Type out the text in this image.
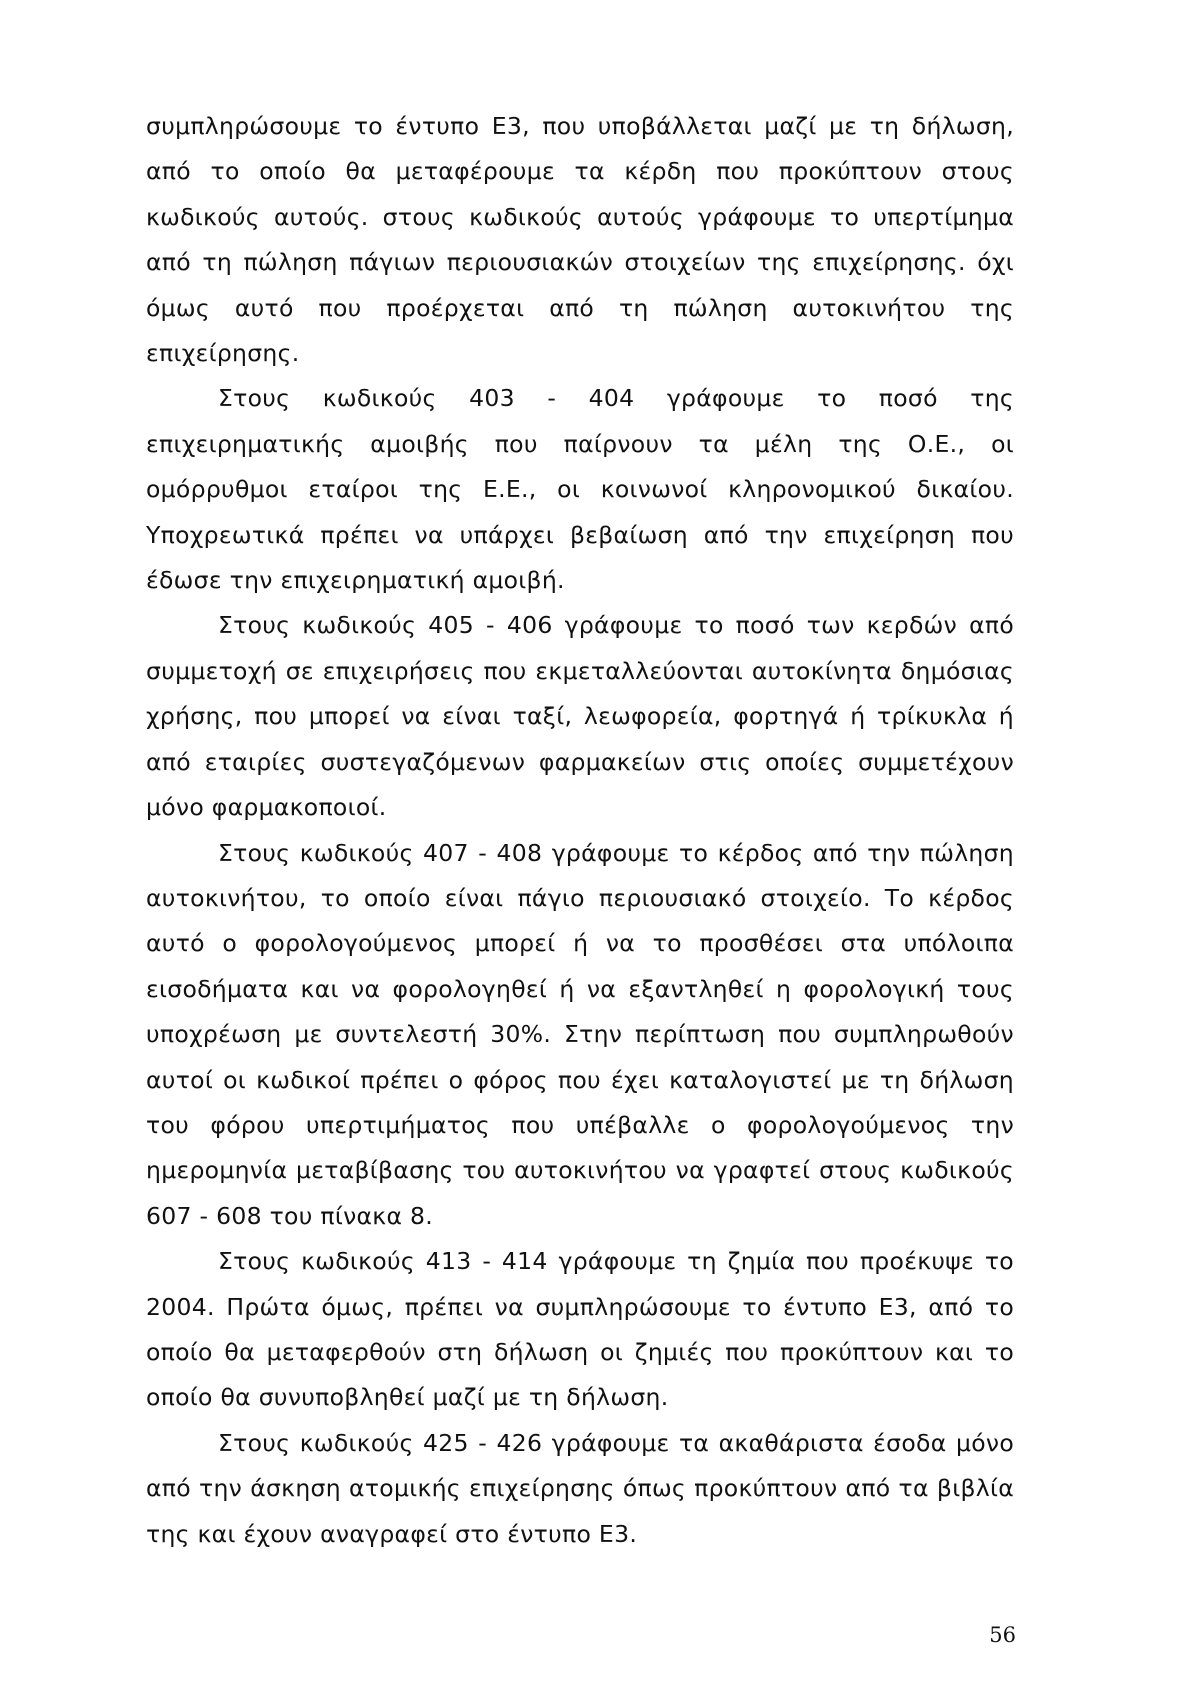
συμπληρώσουμε το έντυπο Ε3, που υποβάλλεται μαζί με τη δήλωση, από το οποίο θα μεταφέρουμε τα κέρδη που προκύπτουν στους κωδικούς αυτούς. στους κωδικούς αυτούς γράφουμε το υπερτίμημα από τη πώληση πάγιων περιουσιακών στοιχείων της επιχείρησης. όχι όμως αυτό που προέρχεται από τη πώληση αυτοκινήτου της επιχείρησης.

Στους κωδικούς 403 - 404 γράφουμε το ποσό της επιχειρηματικής αμοιβής που παίρνουν τα μέλη της Ο.Ε., οι ομόρρυθμοι εταίροι της Ε.Ε., οι κοινωνοί κληρονομικού δικαίου. Υποχρεωτικά πρέπει να υπάρχει βεβαίωση από την επιχείρηση που έδωσε την επιχειρηματική αμοιβή.

Στους κωδικούς 405 - 406 γράφουμε το ποσό των κερδών από συμμετοχή σε επιχειρήσεις που εκμεταλλεύονται αυτοκίνητα δημόσιας χρήσης, που μπορεί να είναι ταξί, λεωφορεία, φορτηγά ή τρίκυκλα ή από εταιρίες συστεγαζόμενων φαρμακείων στις οποίες συμμετέχουν μόνο φαρμακοποιοί.

Στους κωδικούς 407 - 408 γράφουμε το κέρδος από την πώληση αυτοκινήτου, το οποίο είναι πάγιο περιουσιακό στοιχείο. Το κέρδος αυτό ο φορολογούμενος μπορεί ή να το προσθέσει στα υπόλοιπα εισοδήματα και να φορολογηθεί ή να εξαντληθεί η φορολογική τους υποχρέωση με συντελεστή 30%. Στην περίπτωση που συμπληρωθούν αυτοί οι κωδικοί πρέπει ο φόρος που έχει καταλογιστεί με τη δήλωση του φόρου υπερτιμήματος που υπέβαλλε ο φορολογούμενος την ημερομηνία μεταβίβασης του αυτοκινήτου να γραφτεί στους κωδικούς 607 - 608 του πίνακα 8.

Στους κωδικούς 413 - 414 γράφουμε τη ζημία που προέκυψε το 2004. Πρώτα όμως, πρέπει να συμπληρώσουμε το έντυπο Ε3, από το οποίο θα μεταφερθούν στη δήλωση οι ζημιές που προκύπτουν και το οποίο θα συνυποβληθεί μαζί με τη δήλωση.

Στους κωδικούς 425 - 426 γράφουμε τα ακαθάριστα έσοδα μόνο από την άσκηση ατομικής επιχείρησης όπως προκύπτουν από τα βιβλία της και έχουν αναγραφεί στο έντυπο Ε3.

56
